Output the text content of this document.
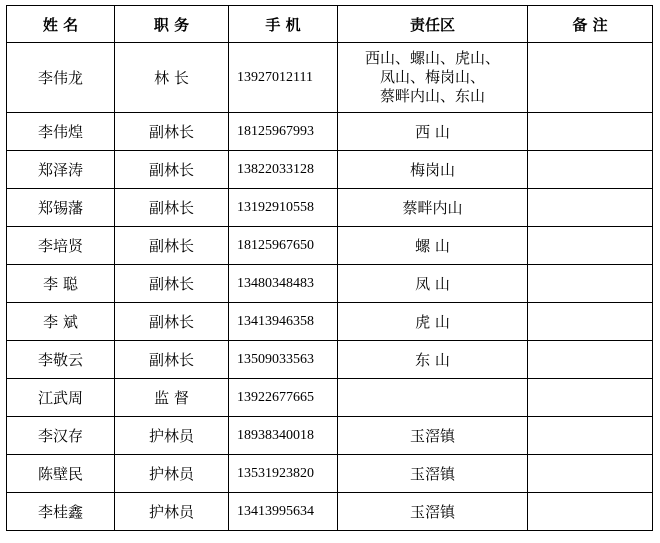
姓 名	职 务	手 机	责任区	备 注
李伟龙	林 长	13927012111	西山、螺山、虎山、
凤山、梅岗山、
蔡畔内山、东山	

李伟煌	副林长	18125967993	西 山	
郑泽涛	副林长	13822033128	梅岗山	
郑锡藩	副林长	13192910558	蔡畔内山	
李培贤	副林长	18125967650	螺 山	
李 聪	副林长	13480348483	凤 山	
李 斌	副林长	13413946358	虎 山	
李敬云	副林长	13509033563	东 山	
江武周	监 督	13922677665		
李汉存	护林员	18938340018	玉滘镇	
陈壁民	护林员	13531923820	玉滘镇	
李桂鑫	护林员	13413995634	玉滘镇	
